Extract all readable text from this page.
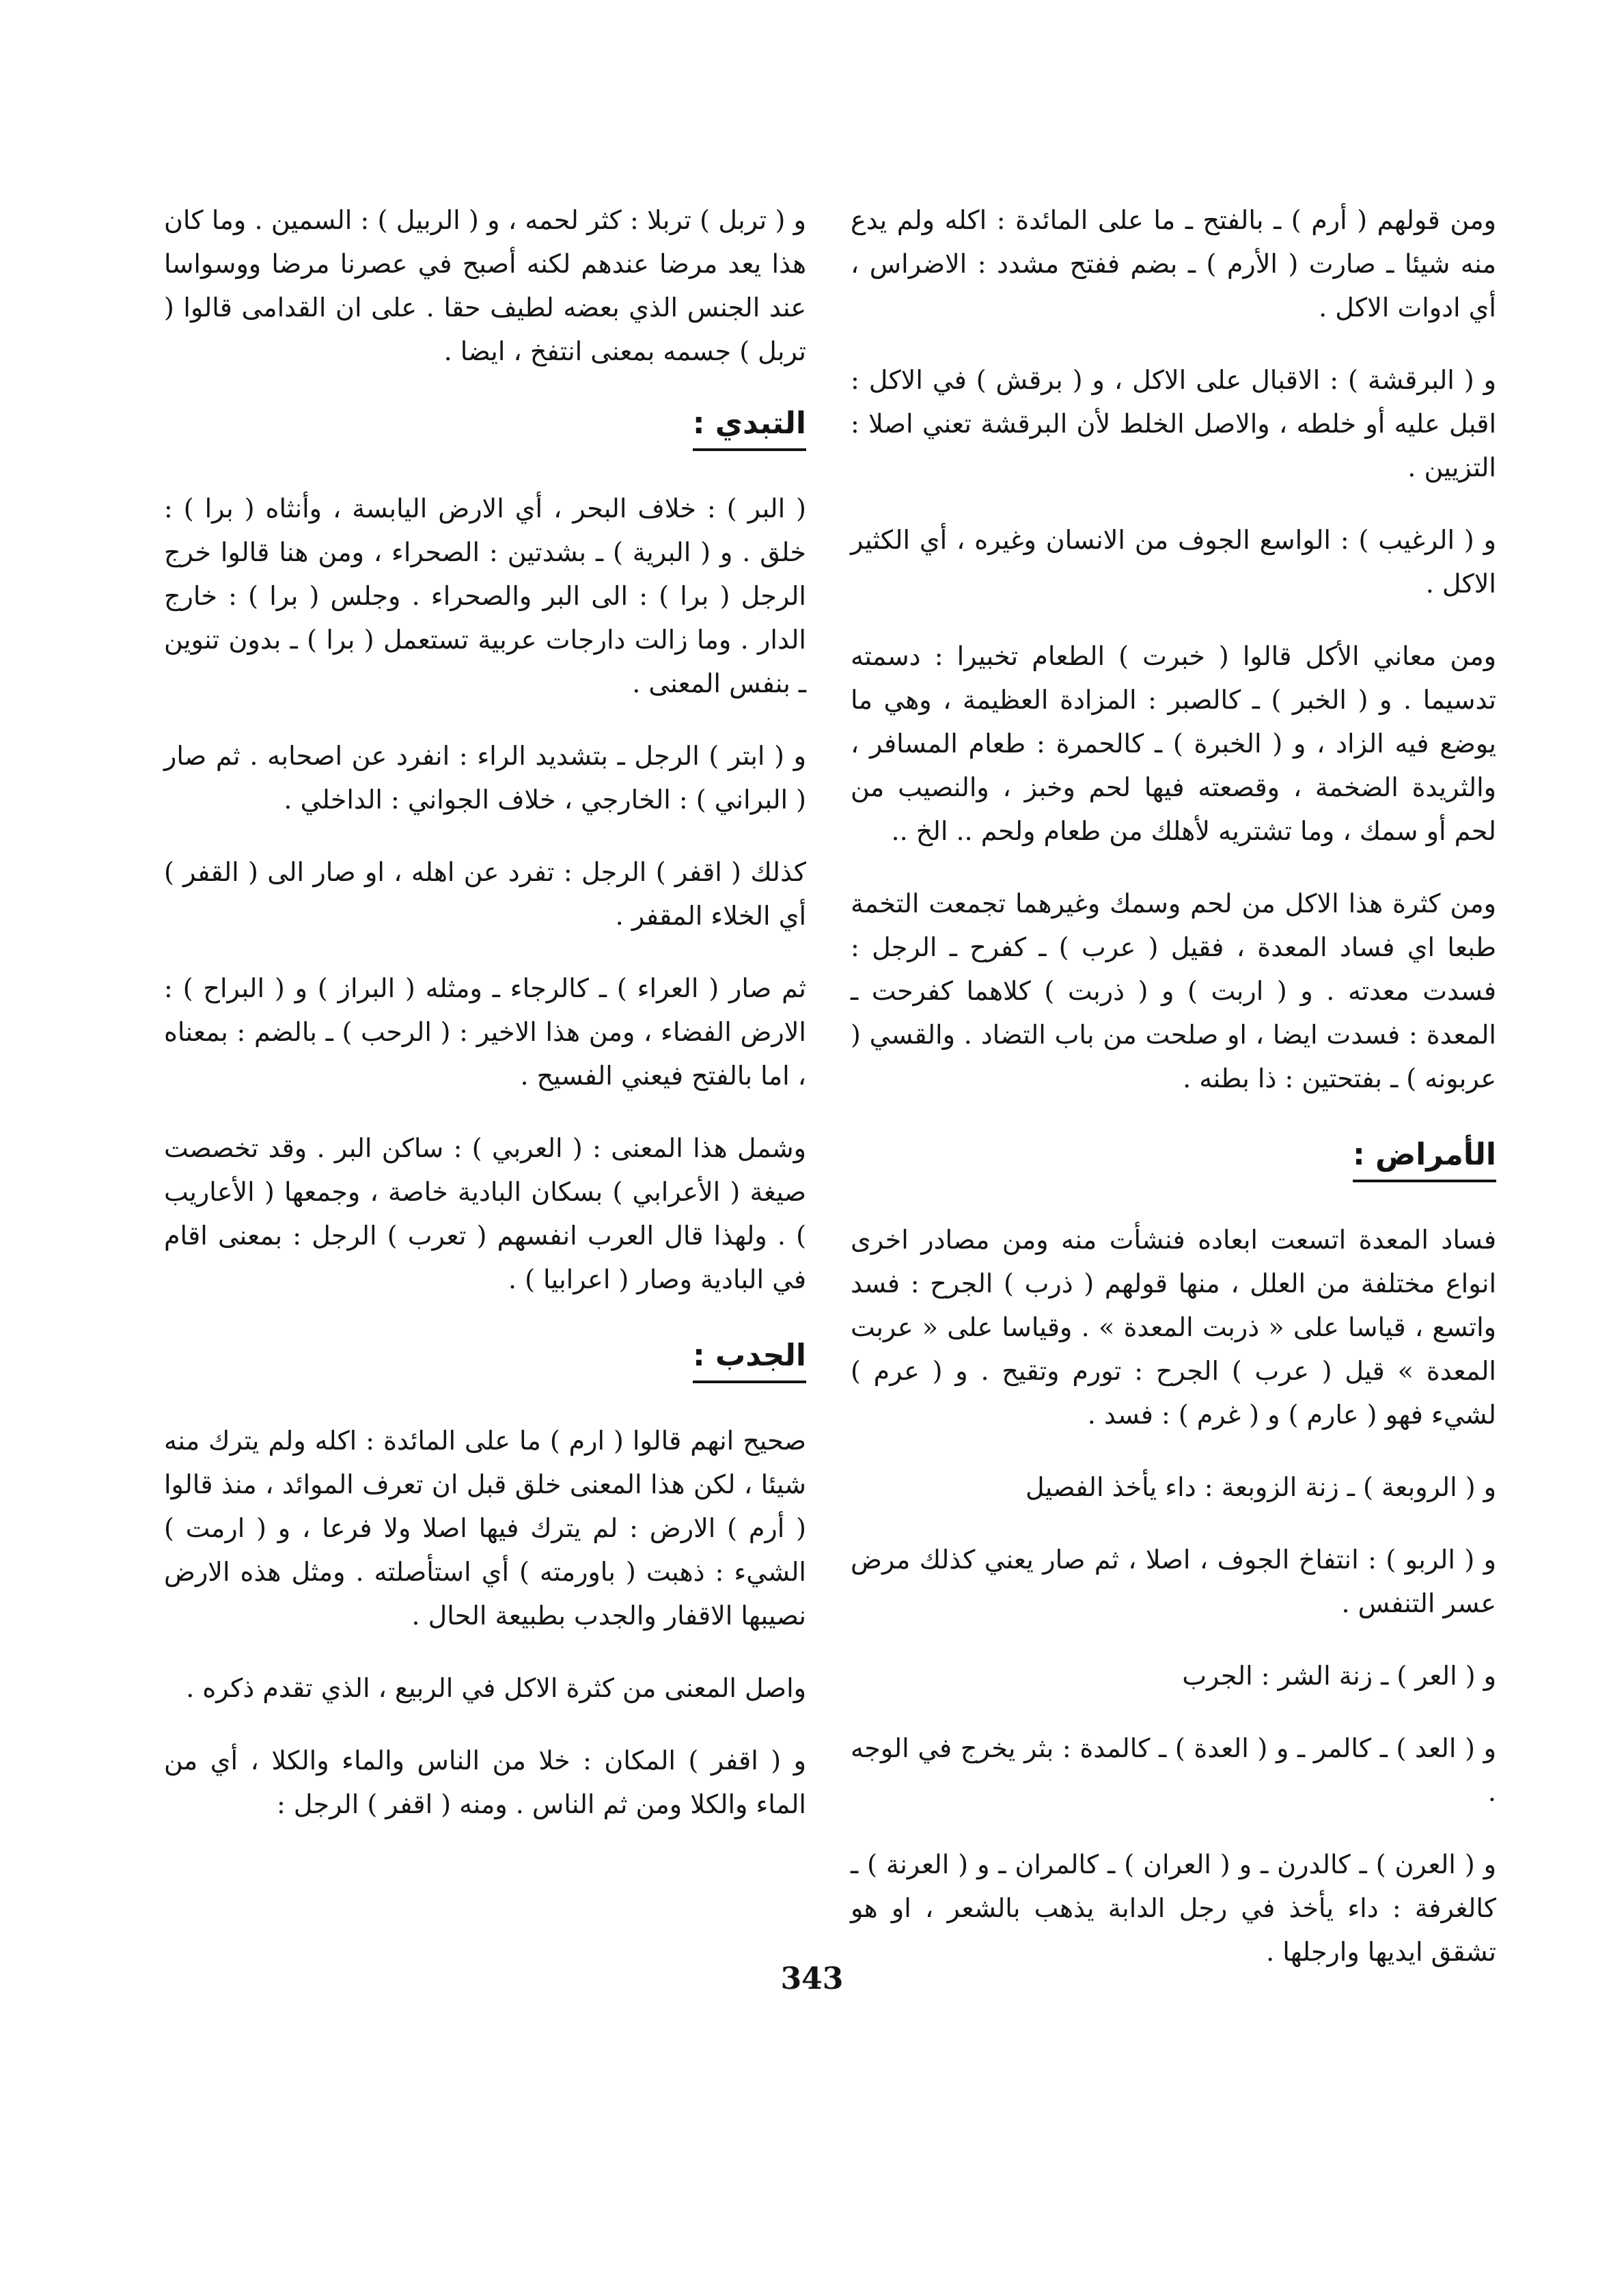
ومن قولهم ( أرم ) ـ بالفتح ـ ما على المائدة : اكله ولم يدع منه شيئا ـ صارت ( الأرم ) ـ بضم ففتح مشدد : الاضراس ، أي ادوات الاكل .

و ( البرقشة ) : الاقبال على الاكل ، و ( برقش ) في الاكل : اقبل عليه أو خلطه ، والاصل الخلط لأن البرقشة تعني اصلا : التزيين .

و ( الرغيب ) : الواسع الجوف من الانسان وغيره ، أي الكثير الاكل .

ومن معاني الأكل قالوا ( خبرت ) الطعام تخبيرا : دسمته تدسيما . و ( الخبر ) ـ كالصبر : المزادة العظيمة ، وهي ما يوضع فيه الزاد ، و ( الخبرة ) ـ كالحمرة : طعام المسافر ، والثريدة الضخمة ، وقصعته فيها لحم وخبز ، والنصيب من لحم أو سمك ، وما تشتريه لأهلك من طعام ولحم .. الخ ..

ومن كثرة هذا الاكل من لحم وسمك وغيرهما تجمعت التخمة طبعا اي فساد المعدة ، فقيل ( عرب ) ـ كفرح ـ الرجل : فسدت معدته . و ( اربت ) و ( ذربت ) كلاهما كفرحت ـ المعدة : فسدت ايضا ، او صلحت من باب التضاد . والقسي ( عربونه ) ـ بفتحتين : ذا بطنه .

الأمراض :

فساد المعدة اتسعت ابعاده فنشأت منه ومن مصادر اخرى انواع مختلفة من العلل ، منها قولهم ( ذرب ) الجرح : فسد واتسع ، قياسا على « ذربت المعدة » . وقياسا على « عربت المعدة » قيل ( عرب ) الجرح : تورم وتقيح . و ( عرم ) لشيء فهو ( عارم ) و ( غرم ) : فسد .

و ( الروبعة ) ـ زنة الزوبعة : داء يأخذ الفصيل

و ( الربو ) : انتفاخ الجوف ، اصلا ، ثم صار يعني كذلك مرض عسر التنفس .

و ( العر ) ـ زنة الشر : الجرب

و ( العد ) ـ كالمر ـ و ( العدة ) ـ كالمدة : بثر يخرج في الوجه .

و ( العرن ) ـ كالدرن ـ و ( العران ) ـ كالمران ـ و ( العرنة ) ـ كالغرفة : داء يأخذ في رجل الدابة يذهب بالشعر ، او هو تشقق ايديها وارجلها .

و ( تربل ) تربلا : كثر لحمه ، و ( الربيل ) : السمين . وما كان هذا يعد مرضا عندهم لكنه أصبح في عصرنا مرضا ووسواسا عند الجنس الذي بعضه لطيف حقا . على ان القدامى قالوا ( تربل ) جسمه بمعنى انتفخ ، ايضا .

التبدي :

( البر ) : خلاف البحر ، أي الارض اليابسة ، وأنثاه ( برا ) : خلق . و ( البرية ) ـ بشدتين : الصحراء ، ومن هنا قالوا خرج الرجل ( برا ) : الى البر والصحراء . وجلس ( برا ) : خارج الدار . وما زالت دارجات عربية تستعمل ( برا ) ـ بدون تنوين ـ بنفس المعنى .

و ( ابتر ) الرجل ـ بتشديد الراء : انفرد عن اصحابه . ثم صار ( البراني ) : الخارجي ، خلاف الجواني : الداخلي .

كذلك ( اقفر ) الرجل : تفرد عن اهله ، او صار الى ( القفر ) أي الخلاء المقفر .

ثم صار ( العراء ) ـ كالرجاء ـ ومثله ( البراز ) و ( البراح ) : الارض الفضاء ، ومن هذا الاخير : ( الرحب ) ـ بالضم : بمعناه ، اما بالفتح فيعني الفسيح .

وشمل هذا المعنى : ( العربي ) : ساكن البر . وقد تخصصت صيغة ( الأعرابي ) بسكان البادية خاصة ، وجمعها ( الأعاريب ) . ولهذا قال العرب انفسهم ( تعرب ) الرجل : بمعنى اقام في البادية وصار ( اعرابيا ) .

الجدب :

صحيح انهم قالوا ( ارم ) ما على المائدة : اكله ولم يترك منه شيئا ، لكن هذا المعنى خلق قبل ان تعرف الموائد ، منذ قالوا ( أرم ) الارض : لم يترك فيها اصلا ولا فرعا ، و ( ارمت ) الشيء : ذهبت ( باورمته ) أي استأصلته . ومثل هذه الارض نصيبها الاقفار والجدب بطبيعة الحال .

واصل المعنى من كثرة الاكل في الربيع ، الذي تقدم ذكره .

و ( اقفر ) المكان : خلا من الناس والماء والكلا ، أي من الماء والكلا ومن ثم الناس . ومنه ( اقفر ) الرجل :

343
